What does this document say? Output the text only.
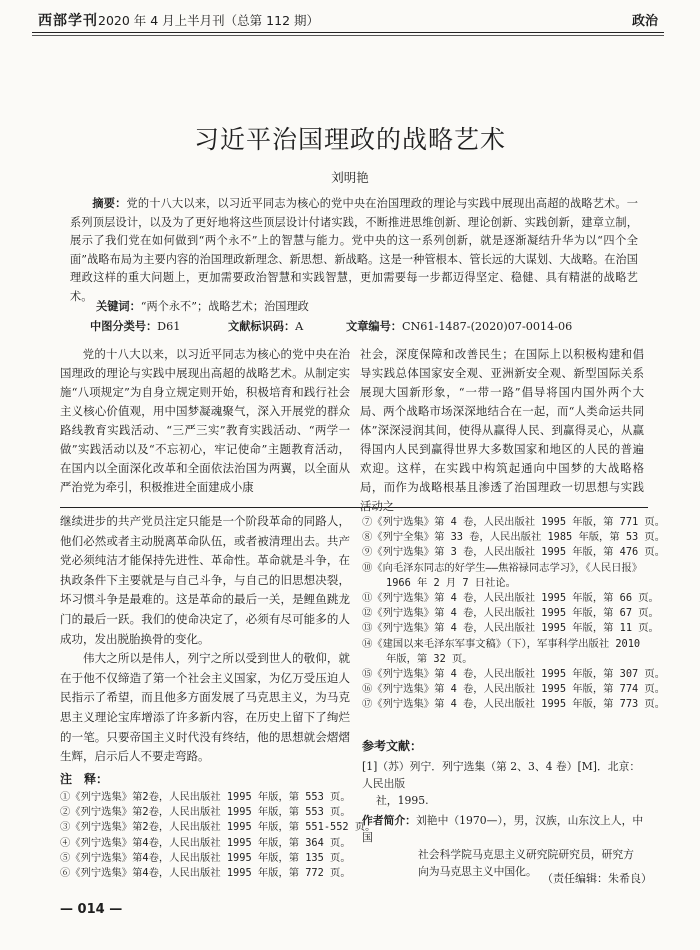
西部学刊2020 年 4 月上半月刊（总第 112 期）	政治
习近平治国理政的战略艺术
刘明艳
摘要：党的十八大以来，以习近平同志为核心的党中央在治国理政的理论与实践中展现出高超的战略艺术。一系列顶层设计，以及为了更好地将这些顶层设计付诸实践，不断推进思维创新、理论创新、实践创新，建章立制，展示了我们党在如何做到“两个永不”上的智慧与能力。党中央的这一系列创新，就是逐渐凝结升华为以“四个全面”战略布局为主要内容的治国理政新理念、新思想、新战略。这是一种管根本、管长远的大谋划、大战略。在治国理政这样的重大问题上，更加需要政治智慧和实践智慧，更加需要每一步都迈得坚定、稳健、具有精湛的战略艺术。
关键词：“两个永不”；战略艺术；治国理政
中图分类号：D61	文献标识码：A	文章编号：CN61-1487-(2020)07-0014-06

党的十八大以来，以习近平同志为核心的党中央在治国理政的理论与实践中展现出高超的战略艺术。从制定实施“八项规定”为自身立规定则开始，积极培育和践行社会主义核心价值观，用中国梦凝魂聚气，深入开展党的群众路线教育实践活动、“三严三实”教育实践活动、“两学一做”实践活动以及“不忘初心，牢记使命”主题教育活动，在国内以全面深化改革和全面依法治国为两翼，以全面从严治党为牵引，积极推进全面建成小康

社会，深度保障和改善民生；在国际上以积极构建和倡导实践总体国家安全观、亚洲新安全观、新型国际关系展现大国新形象，“一带一路”倡导将国内国外两个大局、两个战略市场深深地结合在一起，而“人类命运共同体”深深浸润其间，使得从赢得人民、到赢得灵心，从赢得国内人民到赢得世界大多数国家和地区的人民的普遍欢迎。这样，在实践中构筑起通向中国梦的大战略格局，而作为战略根基且渗透了治国理政一切思想与实践活动之

继续进步的共产党员注定只能是一个阶段革命的同路人，他们必然或者主动脱离革命队伍，或者被清理出去。共产党必须纯洁才能保持先进性、革命性。革命就是斗争，在执政条件下主要就是与自己斗争，与自己的旧思想决裂，坏习惯斗争是最难的。这是革命的最后一关，是鲤鱼跳龙门的最后一跃。我们的使命决定了，必须有尽可能多的人成功，发出脱胎换骨的变化。

伟大之所以是伟人，列宁之所以受到世人的敬仰，就在于他不仅缔造了第一个社会主义国家，为亿万受压迫人民指示了希望，而且他多方面发展了马克思主义，为马克思主义理论宝库增添了许多新内容，在历史上留下了绚烂的一笔。只要帝国主义时代没有终结，他的思想就会熠熠生辉，启示后人不要走弯路。

注　释：
①《列宁选集》第2卷，人民出版社 1995 年版，第 553 页。
②《列宁选集》第2卷，人民出版社 1995 年版，第 553 页。
③《列宁选集》第2卷，人民出版社 1995 年版，第 551-552 页。
④《列宁选集》第4卷，人民出版社 1995 年版，第 364 页。
⑤《列宁选集》第4卷，人民出版社 1995 年版，第 135 页。
⑥《列宁选集》第4卷，人民出版社 1995 年版，第 772 页。
⑦《列宁选集》第 4 卷，人民出版社 1995 年版，第 771 页。
⑧《列宁全集》第 33 卷，人民出版社 1985 年版，第 53 页。
⑨《列宁选集》第 3 卷，人民出版社 1995 年版，第 476 页。
⑩《向毛泽东同志的好学生——焦裕禄同志学习》，《人民日报》
1966 年 2 月 7 日社论。
⑪《列宁选集》第 4 卷，人民出版社 1995 年版，第 66 页。
⑫《列宁选集》第 4 卷，人民出版社 1995 年版，第 67 页。
⑬《列宁选集》第 4 卷，人民出版社 1995 年版，第 11 页。
⑭《建国以来毛泽东军事文稿》（下），军事科学出版社 2010
年版，第 32 页。
⑮《列宁选集》第 4 卷，人民出版社 1995 年版，第 307 页。
⑯《列宁选集》第 4 卷，人民出版社 1995 年版，第 774 页。
⑰《列宁选集》第 4 卷，人民出版社 1995 年版，第 773 页。
参考文献：
[1]（苏）列宁．列宁选集（第 2、3、4 卷）[M]．北京：人民出版
社，1995.
作者简介：刘艳中（1970—），男，汉族，山东汶上人，中国
社会科学院马克思主义研究院研究员，研究方
向为马克思主义中国化。
（责任编辑：朱希良）
— 014 —
